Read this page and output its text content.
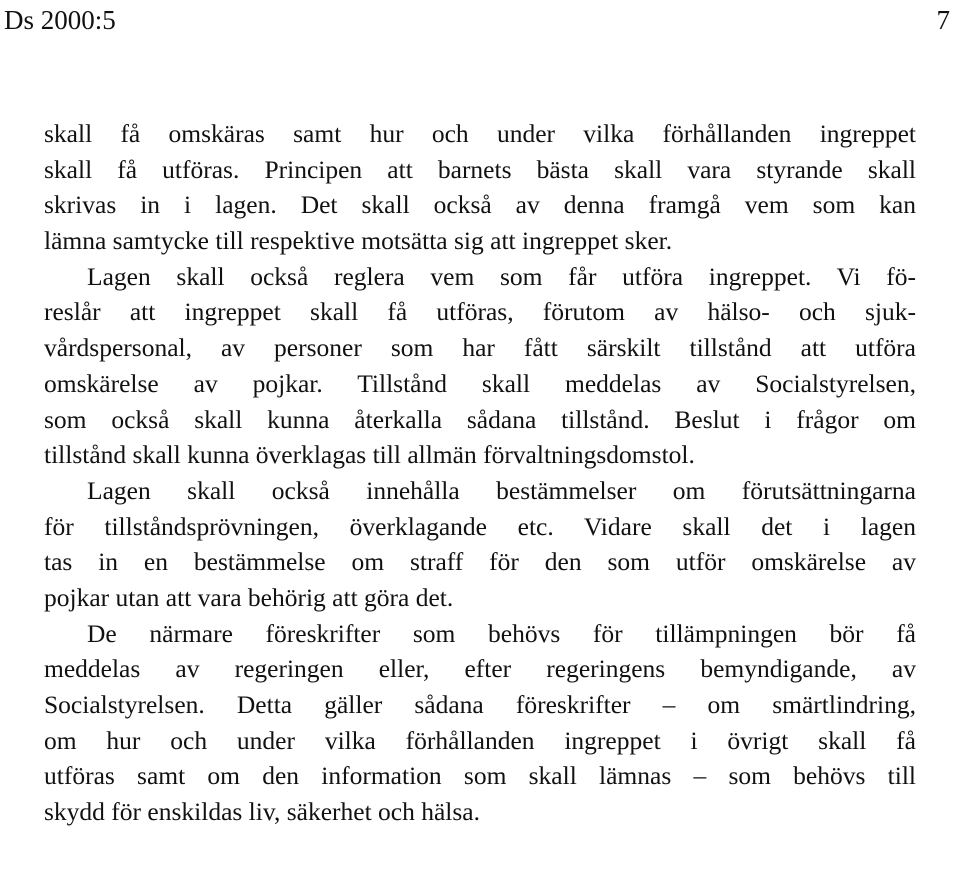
Ds 2000:5	7
skall få omskäras samt hur och under vilka förhållanden ingreppet
skall få utföras. Principen att barnets bästa skall vara styrande skall
skrivas in i lagen. Det skall också av denna framgå vem som kan
lämna samtycke till respektive motsätta sig att ingreppet sker.
Lagen skall också reglera vem som får utföra ingreppet. Vi fö-
reslår att ingreppet skall få utföras, förutom av hälso- och sjuk-
vårdspersonal, av personer som har fått särskilt tillstånd att utföra
omskärelse av pojkar. Tillstånd skall meddelas av Socialstyrelsen,
som också skall kunna återkalla sådana tillstånd. Beslut i frågor om
tillstånd skall kunna överklagas till allmän förvaltningsdomstol.
Lagen skall också innehålla bestämmelser om förutsättningarna
för tillståndsprövningen, överklagande etc. Vidare skall det i lagen
tas in en bestämmelse om straff för den som utför omskärelse av
pojkar utan att vara behörig att göra det.
De närmare föreskrifter som behövs för tillämpningen bör få
meddelas av regeringen eller, efter regeringens bemyndigande, av
Socialstyrelsen. Detta gäller sådana föreskrifter – om smärtlindring,
om hur och under vilka förhållanden ingreppet i övrigt skall få
utföras samt om den information som skall lämnas – som behövs till
skydd för enskildas liv, säkerhet och hälsa.
